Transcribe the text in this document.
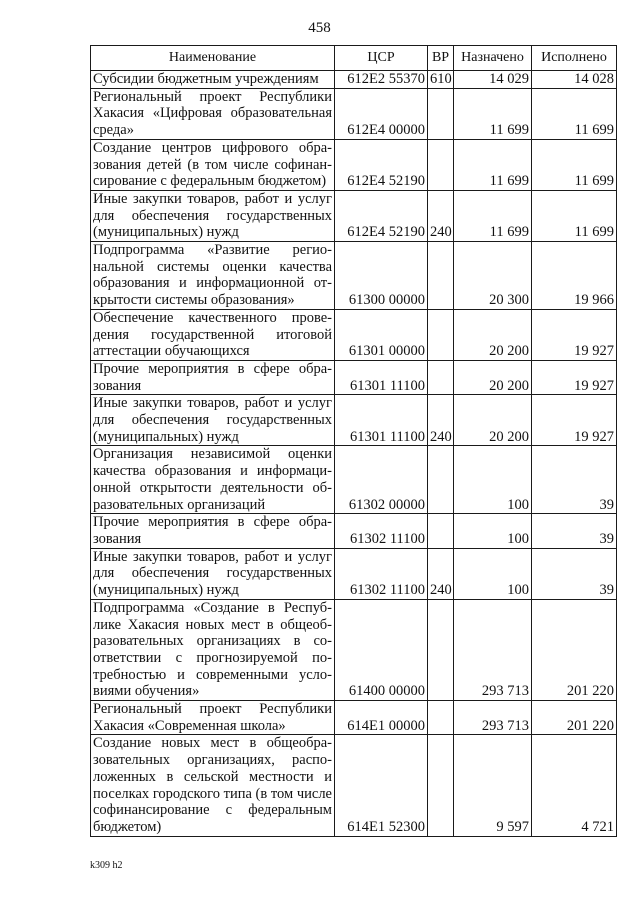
458
Наименование	ЦСР	ВР	Назначено	Исполнено
Субсидии бюджетным учреждениям	612E2 55370	610	14 029	14 028
Региональный проект Республики Хакасия «Цифровая образовательная среда»	612E4 00000		11 699	11 699
Создание центров цифрового образования детей (в том числе софинансирование с федеральным бюджетом)	612E4 52190		11 699	11 699
Иные закупки товаров, работ и услуг для обеспечения государственных (муниципальных) нужд	612E4 52190	240	11 699	11 699
Подпрограмма «Развитие региональной системы оценки качества образования и информационной открытости системы образования»	61300 00000		20 300	19 966
Обеспечение качественного проведения государственной итоговой аттестации обучающихся	61301 00000		20 200	19 927
Прочие мероприятия в сфере образования	61301 11100		20 200	19 927
Иные закупки товаров, работ и услуг для обеспечения государственных (муниципальных) нужд	61301 11100	240	20 200	19 927
Организация независимой оценки качества образования и информационной открытости деятельности образовательных организаций	61302 00000		100	39
Прочие мероприятия в сфере образования	61302 11100		100	39
Иные закупки товаров, работ и услуг для обеспечения государственных (муниципальных) нужд	61302 11100	240	100	39
Подпрограмма «Создание в Республике Хакасия новых мест в общеобразовательных организациях в соответствии с прогнозируемой потребностью и современными условиями обучения»	61400 00000		293 713	201 220
Региональный проект Республики Хакасия «Современная школа»	614E1 00000		293 713	201 220
Создание новых мест в общеобразовательных организациях, расположенных в сельской местности и поселках городского типа (в том числе софинансирование с федеральным бюджетом)	614E1 52300		9 597	4 721
k309 h2
